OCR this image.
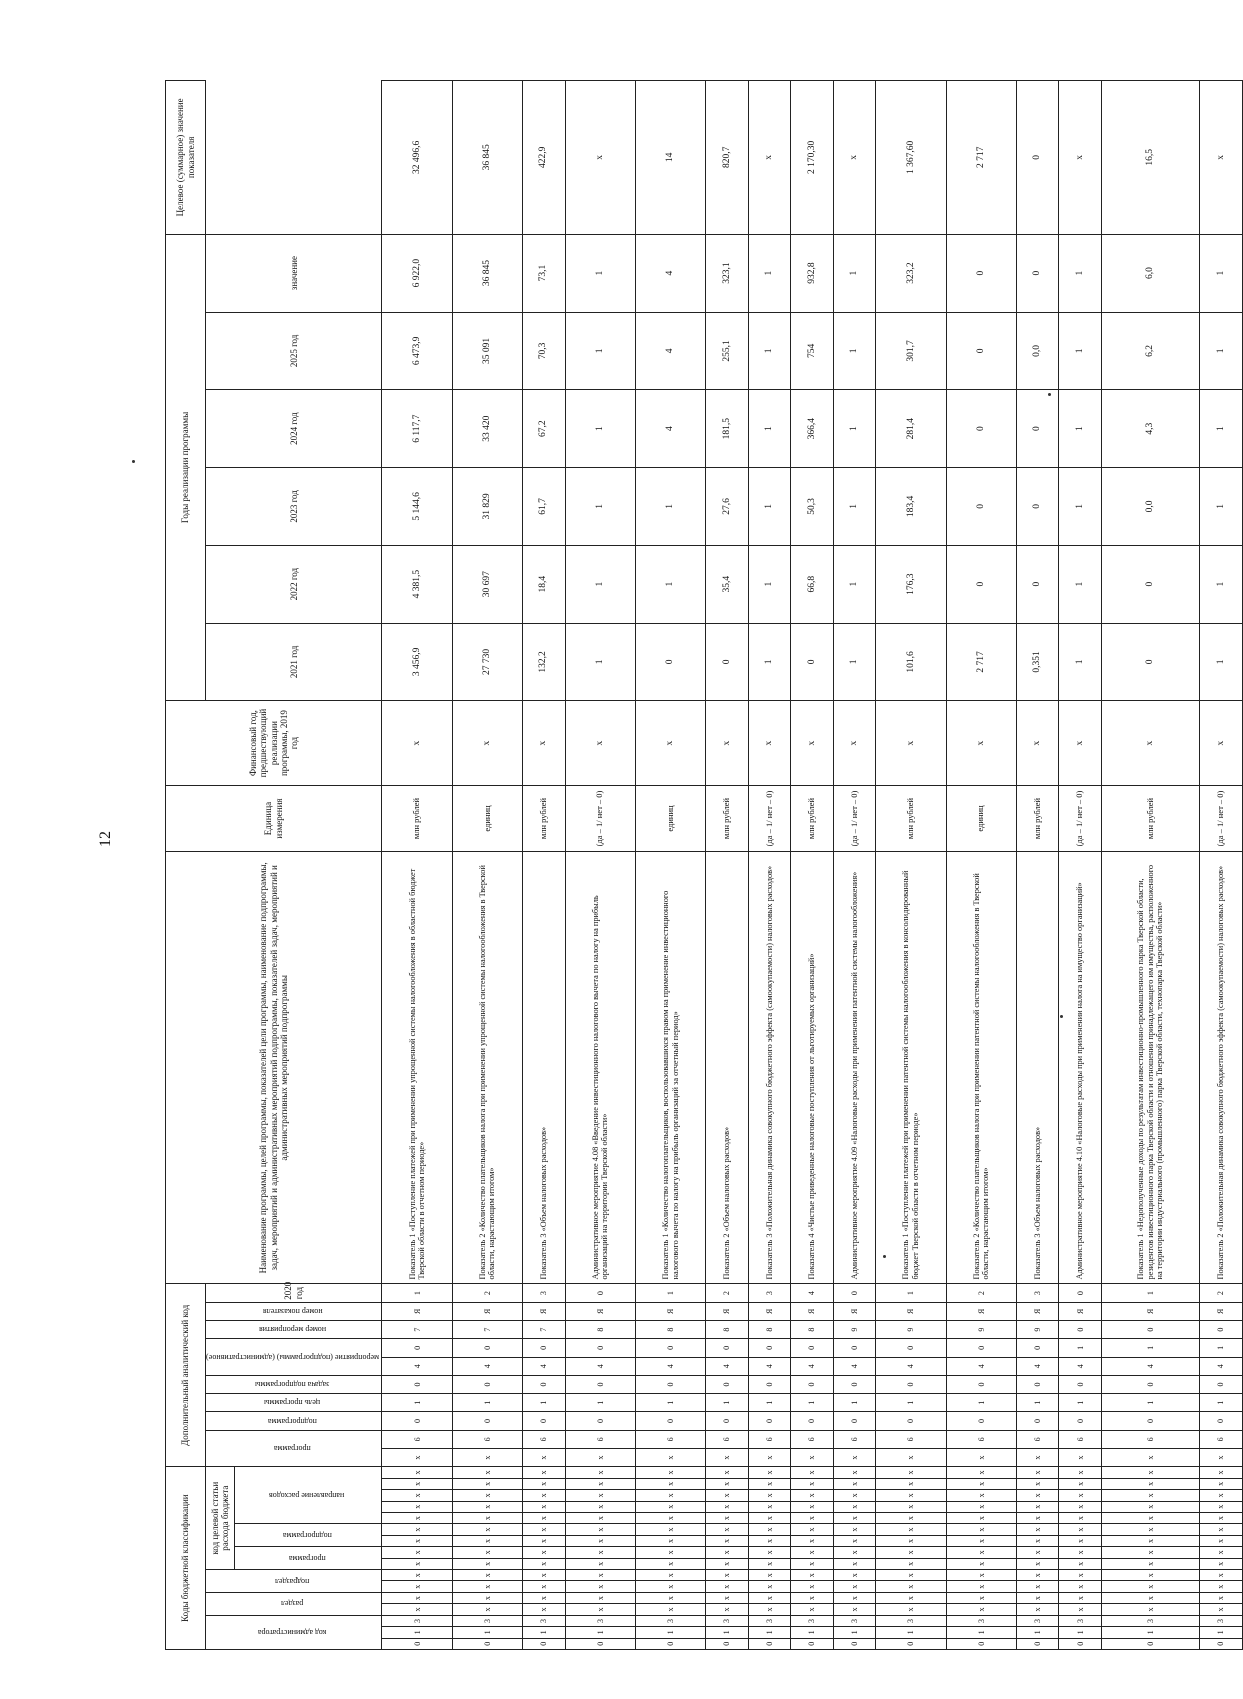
12
Коды бюджетной классификации																Дополнительный аналитический код										Наименование программы, целей программы, показателей цели программы, наименование подпрограммы, задач, мероприятий и административных мероприятий подпрограммы, показателей задач, мероприятий и административных мероприятий подпрограммы	Единица измерения	Финансовый год, предшествующий реализации программы, 2019 год	Годы реализации программы						Целевое (суммарное) значение показателя
код администратора			раздел		подраздел		код целевой статьи расхода бюджета									программа		подпрограмма	цель программы	задача подпрограммы	мероприятие (подпрограммы) (административное)		номер мероприятия	номер показателя	2020 год				2021 год	2022 год	2023 год	2024 год	2025 год	значение	
							программа		подпрограмма		направление расходов																								
0	1	3	х	х	х	х	х	х	х	х	х	х	х	х	х	х	6	0	1	0	4	0	7	Я	1	Показатель 1 «Поступление платежей при применении упрощенной системы налогообложения в областной бюджет Тверской области в отчетном периоде»	млн рублей	х	3 456,9	4 381,5	5 144,6	6 117,7	6 473,9	6 922,0	32 496,6
0	1	3	х	х	х	х	х	х	х	х	х	х	х	х	х	х	6	0	1	0	4	0	7	Я	2	Показатель 2 «Количество плательщиков налога при применении упрощенной системы налогообложения в Тверской области, нарастающим итогом»	единиц	х	27 730	30 697	31 829	33 420	35 091	36 845	36 845
0	1	3	х	х	х	х	х	х	х	х	х	х	х	х	х	х	6	0	1	0	4	0	7	Я	3	Показатель 3 «Объем налоговых расходов»	млн рублей	х	132,2	18,4	61,7	67,2	70,3	73,1	422,9
0	1	3	х	х	х	х	х	х	х	х	х	х	х	х	х	х	6	0	1	0	4	0	8	Я	0	Административное мероприятие 4.08 «Введение инвестиционного налогового вычета по налогу на прибыль организаций на территории Тверской области»	(да – 1/ нет – 0)	х	1	1	1	1	1	1	х
0	1	3	х	х	х	х	х	х	х	х	х	х	х	х	х	х	6	0	1	0	4	0	8	Я	1	Показатель 1 «Количество налогоплательщиков, воспользовавшихся правом на применение инвестиционного налогового вычета по налогу на прибыль организаций за отчетный период»	единиц	х	0	1	1	4	4	4	14
0	1	3	х	х	х	х	х	х	х	х	х	х	х	х	х	х	6	0	1	0	4	0	8	Я	2	Показатель 2 «Объем налоговых расходов»	млн рублей	х	0	35,4	27,6	181,5	255,1	323,1	820,7
0	1	3	х	х	х	х	х	х	х	х	х	х	х	х	х	х	6	0	1	0	4	0	8	Я	3	Показатель 3 «Положительная динамика совокупного бюджетного эффекта (самоокупаемости) налоговых расходов»	(да – 1/ нет – 0)	х	1	1	1	1	1	1	х
0	1	3	х	х	х	х	х	х	х	х	х	х	х	х	х	х	6	0	1	0	4	0	8	Я	4	Показатель 4 «Чистые приведенные налоговые поступления от льготируемых организаций»	млн рублей	х	0	66,8	50,3	366,4	754	932,8	2 170,30
0	1	3	х	х	х	х	х	х	х	х	х	х	х	х	х	х	6	0	1	0	4	0	9	Я	0	Административное мероприятие 4.09 «Налоговые расходы при применении патентной системы налогообложения»	(да – 1/ нет – 0)	х	1	1	1	1	1	1	х
0	1	3	х	х	х	х	х	х	х	х	х	х	х	х	х	х	6	0	1	0	4	0	9	Я	1	Показатель 1 «Поступление платежей при применении патентной системы налогообложения в консолидированный бюджет Тверской области в отчетном периоде»	млн рублей	х	101,6	176,3	183,4	281,4	301,7	323,2	1 367,60
0	1	3	х	х	х	х	х	х	х	х	х	х	х	х	х	х	6	0	1	0	4	0	9	Я	2	Показатель 2 «Количество плательщиков налога при применении патентной системы налогообложения в Тверской области, нарастающим итогом»	единиц	х	2 717	0	0	0	0	0	2 717
0	1	3	х	х	х	х	х	х	х	х	х	х	х	х	х	х	6	0	1	0	4	0	9	Я	3	Показатель 3 «Объем налоговых расходов»	млн рублей	х	0,351	0	0	0	0,0	0	0
0	1	3	х	х	х	х	х	х	х	х	х	х	х	х	х	х	6	0	1	0	4	1	0	Я	0	Административное мероприятие 4.10 «Налоговые расходы при применении налога на имущество организаций»	(да – 1/ нет – 0)	х	1	1	1	1	1	1	х
0	1	3	х	х	х	х	х	х	х	х	х	х	х	х	х	х	6	0	1	0	4	1	0	Я	1	Показатель 1 «Недополученные доходы по результатам инвестиционно-промышленного парка Тверской области, резидентов инвестиционного парка Тверской области и отношении принадлежащего им имущества, расположенного на территории индустриального (промышленного) парка Тверской области, технопарка Тверской области»	млн рублей	х	0	0	0,0	4,3	6,2	6,0	16,5
0	1	3	х	х	х	х	х	х	х	х	х	х	х	х	х	х	6	0	1	0	4	1	0	Я	2	Показатель 2 «Положительная динамика совокупного бюджетного эффекта (самоокупаемости) налоговых расходов»	(да – 1/ нет – 0)	х	1	1	1	1	1	1	х
